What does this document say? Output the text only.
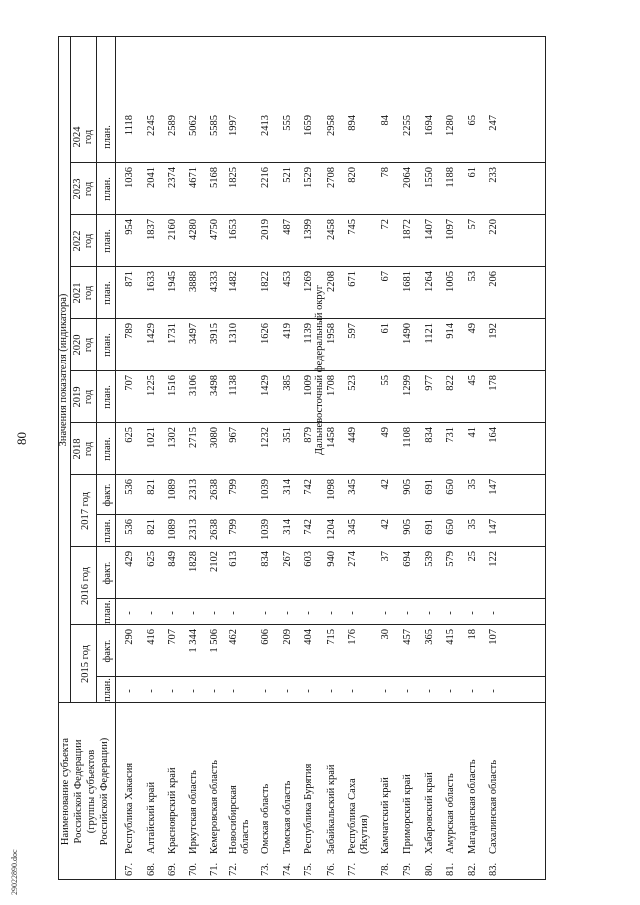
80
Наименование субъекта Российской Федерации (группы субъектов Российской Федерации)
Значения показателя (индикатора)
2015 год
2016 год
2017 год
2018
год
2019
год
2020
год
2021
год
2022
год
2023
год
2024
год
план.
факт.
план.
факт.
план.
факт.
план.
план.
план.
план.
план.
план.
план.
Дальневосточный федеральный округ
67.
Республика Хакасия
-
290
-
429
536
536
625
707
789
871
954
1036
1118
68.
Алтайский край
-
416
-
625
821
821
1021
1225
1429
1633
1837
2041
2245
69.
Красноярский край
-
707
-
849
1089
1089
1302
1516
1731
1945
2160
2374
2589
70.
Иркутская область
-
1 344
-
1828
2313
2313
2715
3106
3497
3888
4280
4671
5062
71.
Кемеровская область
-
1 506
-
2102
2638
2638
3080
3498
3915
4333
4750
5168
5585
72.
Новосибирская область
-
462
-
613
799
799
967
1138
1310
1482
1653
1825
1997
73.
Омская область
-
606
-
834
1039
1039
1232
1429
1626
1822
2019
2216
2413
74.
Томская область
-
209
-
267
314
314
351
385
419
453
487
521
555
75.
Республика Бурятия
-
404
-
603
742
742
879
1009
1139
1269
1399
1529
1659
76.
Забайкальский край
-
715
-
940
1204
1098
1458
1708
1958
2208
2458
2708
2958
77.
Республика Саха (Якутия)
-
176
-
274
345
345
449
523
597
671
745
820
894
78.
Камчатский край
-
30
-
37
42
42
49
55
61
67
72
78
84
79.
Приморский край
-
457
-
694
905
905
1108
1299
1490
1681
1872
2064
2255
80.
Хабаровский край
-
365
-
539
691
691
834
977
1121
1264
1407
1550
1694
81.
Амурская область
-
415
-
579
650
650
731
822
914
1005
1097
1188
1280
82.
Магаданская область
-
18
-
25
35
35
41
45
49
53
57
61
65
83.
Сахалинская область
-
107
-
122
147
147
164
178
192
206
220
233
247
29022890.doc
